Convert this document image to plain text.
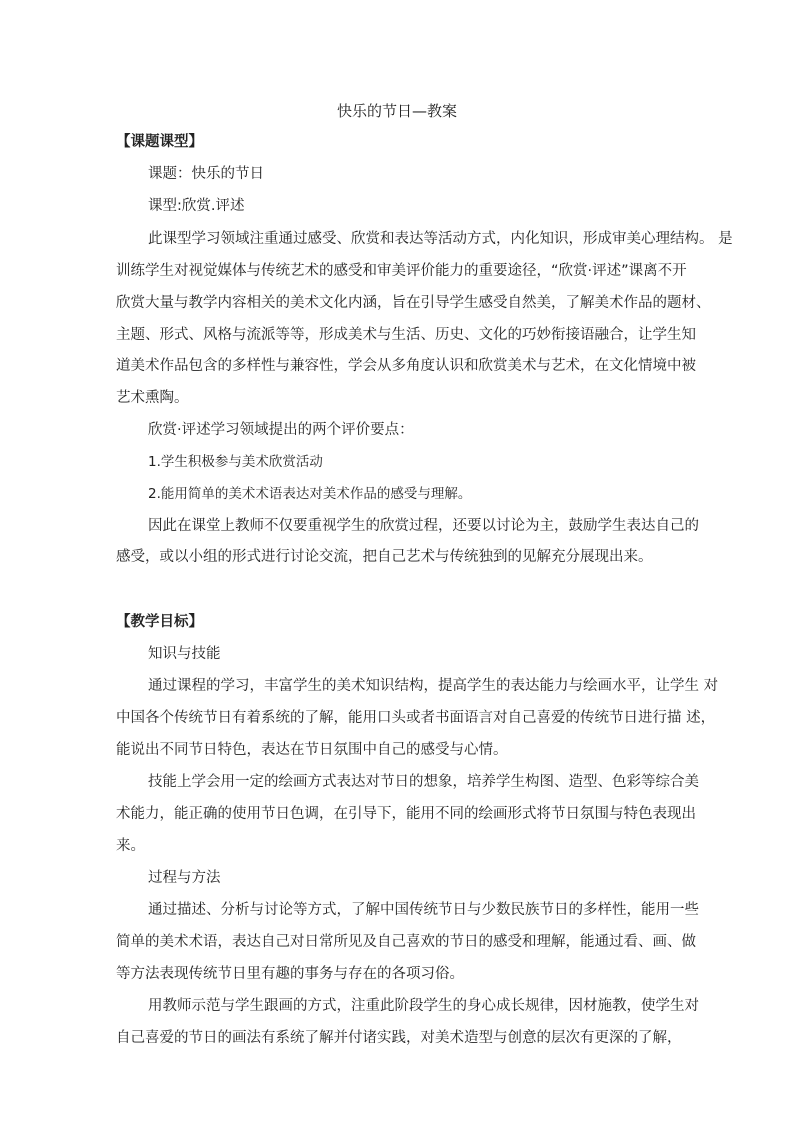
快乐的节日—教案
【课题课型】
课题：快乐的节日
课型:欣赏.评述
此课型学习领域注重通过感受、欣赏和表达等活动方式，内化知识，形成审美心理结构。 是
训练学生对视觉媒体与传统艺术的感受和审美评价能力的重要途径，“欣赏·评述”课离不开
欣赏大量与教学内容相关的美术文化内涵，旨在引导学生感受自然美，了解美术作品的题材、
主题、形式、风格与流派等等，形成美术与生活、历史、文化的巧妙衔接语融合，让学生知
道美术作品包含的多样性与兼容性，学会从多角度认识和欣赏美术与艺术，在文化情境中被
艺术熏陶。
欣赏·评述学习领域提出的两个评价要点：
1.学生积极参与美术欣赏活动
2.能用简单的美术术语表达对美术作品的感受与理解。
因此在课堂上教师不仅要重视学生的欣赏过程，还要以讨论为主，鼓励学生表达自己的
感受，或以小组的形式进行讨论交流，把自己艺术与传统独到的见解充分展现出来。
【教学目标】
知识与技能
通过课程的学习，丰富学生的美术知识结构，提高学生的表达能力与绘画水平，让学生 对
中国各个传统节日有着系统的了解，能用口头或者书面语言对自己喜爱的传统节日进行描 述，
能说出不同节日特色，表达在节日氛围中自己的感受与心情。
技能上学会用一定的绘画方式表达对节日的想象，培养学生构图、造型、色彩等综合美
术能力，能正确的使用节日色调，在引导下，能用不同的绘画形式将节日氛围与特色表现出
来。
过程与方法
通过描述、分析与讨论等方式，了解中国传统节日与少数民族节日的多样性，能用一些
简单的美术术语，表达自己对日常所见及自己喜欢的节日的感受和理解，能通过看、画、做
等方法表现传统节日里有趣的事务与存在的各项习俗。
用教师示范与学生跟画的方式，注重此阶段学生的身心成长规律，因材施教，使学生对
自己喜爱的节日的画法有系统了解并付诸实践，对美术造型与创意的层次有更深的了解，
